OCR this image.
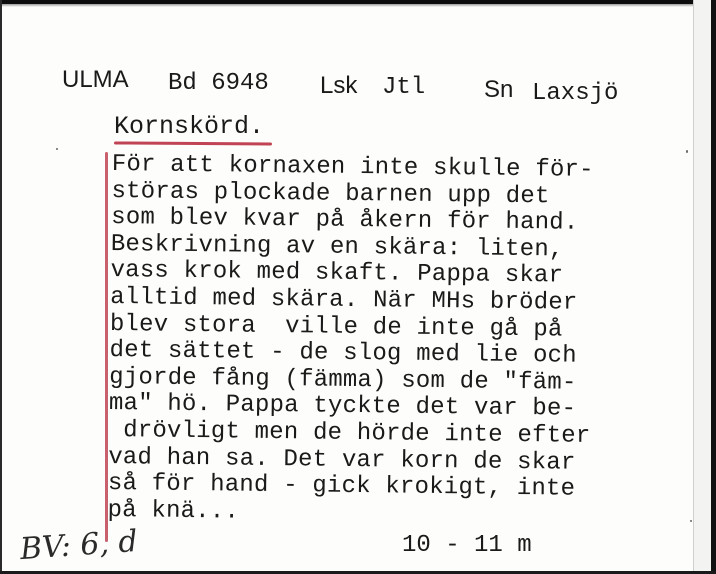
ULMA Bd 6948 Lsk Jtl Sn Laxsjö
Kornskörd.
För att kornaxen inte skulle för-
störas plockade barnen upp det
som blev kvar på åkern för hand.
Beskrivning av en skära: liten,
vass krok med skaft. Pappa skar
alltid med skära. När MHs bröder
blev stora  ville de inte gå på
det sättet - de slog med lie och
gjorde fång (fämma) som de "fäm-
ma" hö. Pappa tyckte det var be-
drövligt men de hörde inte efter
vad han sa. Det var korn de skar
så för hand - gick krokigt, inte
på knä...
10 - 11 m
BV: 6, d
